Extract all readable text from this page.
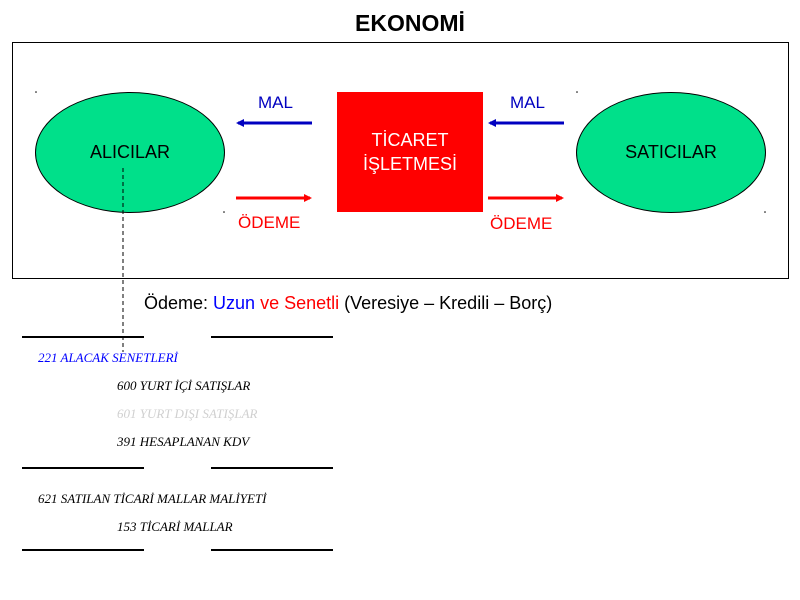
EKONOMİ
ALICILAR	SATICILAR
TİCARET
İŞLETMESİ
MAL	MAL
ÖDEME	ÖDEME
Ödeme: Uzun ve Senetli (Veresiye – Kredili – Borç)
221 ALACAK SENETLERİ
600 YURT İÇİ SATIŞLAR
601 YURT DIŞI SATIŞLAR
391 HESAPLANAN KDV
621 SATILAN TİCARİ MALLAR MALİYETİ
153 TİCARİ MALLAR
